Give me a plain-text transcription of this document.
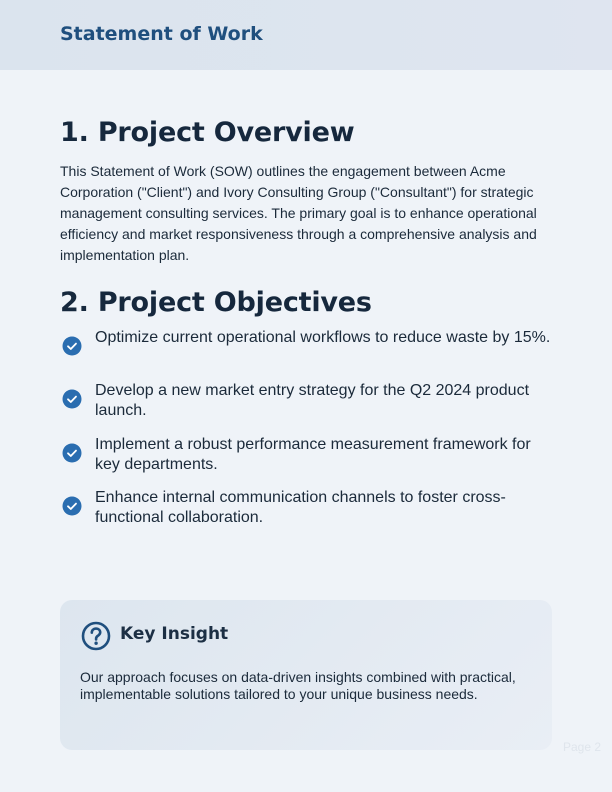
Statement of Work
1. Project Overview

This Statement of Work (SOW) outlines the engagement between Acme Corporation ("Client") and Ivory Consulting Group ("Consultant") for strategic management consulting services. The primary goal is to enhance operational efficiency and market responsiveness through a comprehensive analysis and implementation plan.

2. Project Objectives
Optimize current operational workflows to reduce waste by 15%.
Develop a new market entry strategy for the Q2 2024 product launch.
Implement a robust performance measurement framework for key departments.
Enhance internal communication channels to foster cross-functional collaboration.
Key Insight

Our approach focuses on data-driven insights combined with practical, implementable solutions tailored to your unique business needs.

Page 2
